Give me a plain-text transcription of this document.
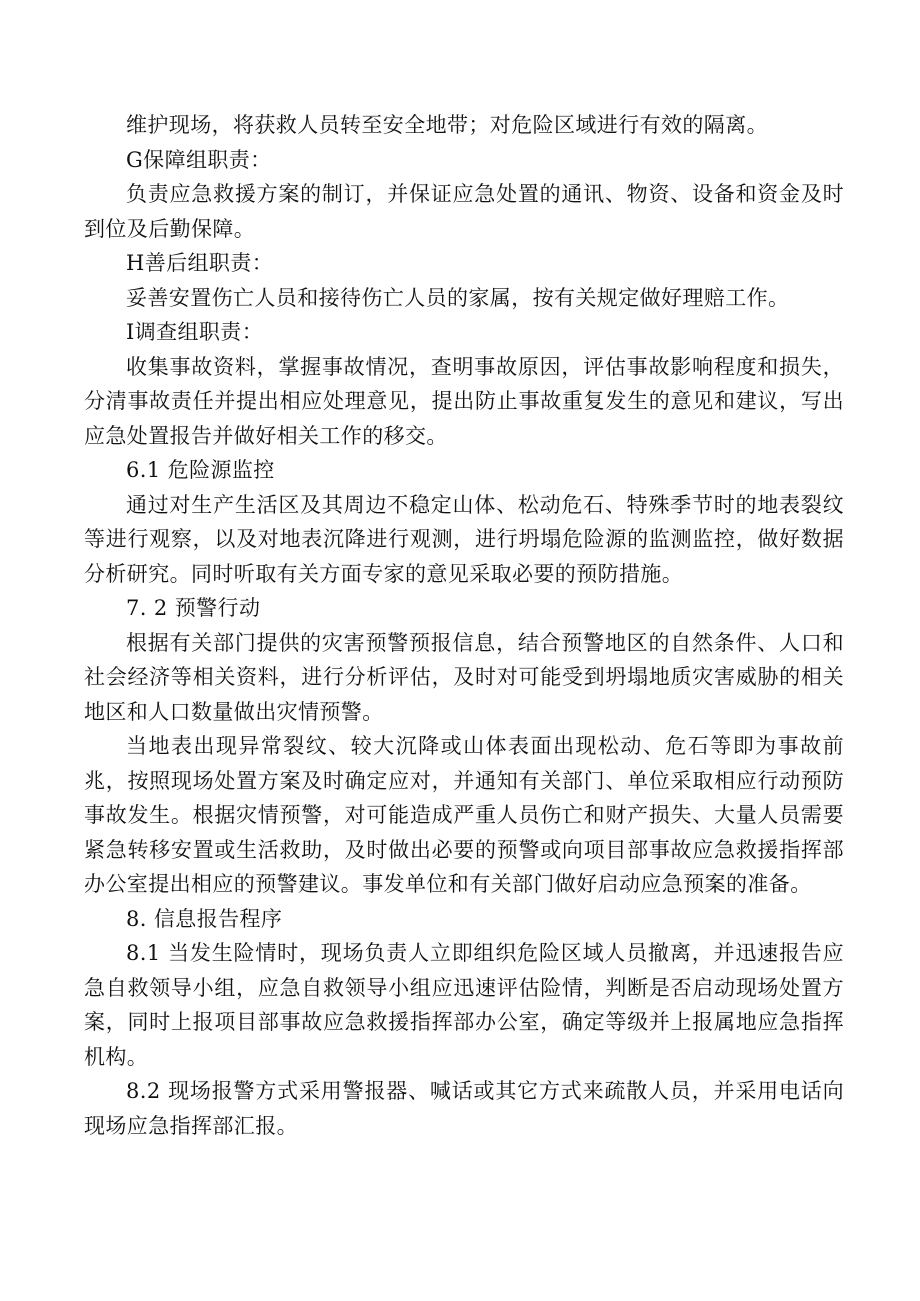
维护现场，将获救人员转至安全地带；对危险区域进行有效的隔离。

G保障组职责：

负责应急救援方案的制订，并保证应急处置的通讯、物资、设备和资金及时到位及后勤保障。

H善后组职责：

妥善安置伤亡人员和接待伤亡人员的家属，按有关规定做好理赔工作。

I调查组职责：

收集事故资料，掌握事故情况，查明事故原因，评估事故影响程度和损失，分清事故责任并提出相应处理意见，提出防止事故重复发生的意见和建议，写出应急处置报告并做好相关工作的移交。

6.1 危险源监控

通过对生产生活区及其周边不稳定山体、松动危石、特殊季节时的地表裂纹等进行观察，以及对地表沉降进行观测，进行坍塌危险源的监测监控，做好数据分析研究。同时听取有关方面专家的意见采取必要的预防措施。

7. 2 预警行动

根据有关部门提供的灾害预警预报信息，结合预警地区的自然条件、人口和社会经济等相关资料，进行分析评估，及时对可能受到坍塌地质灾害威胁的相关地区和人口数量做出灾情预警。

当地表出现异常裂纹、较大沉降或山体表面出现松动、危石等即为事故前兆，按照现场处置方案及时确定应对，并通知有关部门、单位采取相应行动预防事故发生。根据灾情预警，对可能造成严重人员伤亡和财产损失、大量人员需要紧急转移安置或生活救助，及时做出必要的预警或向项目部事故应急救援指挥部办公室提出相应的预警建议。事发单位和有关部门做好启动应急预案的准备。

8. 信息报告程序

8.1 当发生险情时，现场负责人立即组织危险区域人员撤离，并迅速报告应急自救领导小组，应急自救领导小组应迅速评估险情，判断是否启动现场处置方案，同时上报项目部事故应急救援指挥部办公室，确定等级并上报属地应急指挥机构。

8.2 现场报警方式采用警报器、喊话或其它方式来疏散人员，并采用电话向现场应急指挥部汇报。
